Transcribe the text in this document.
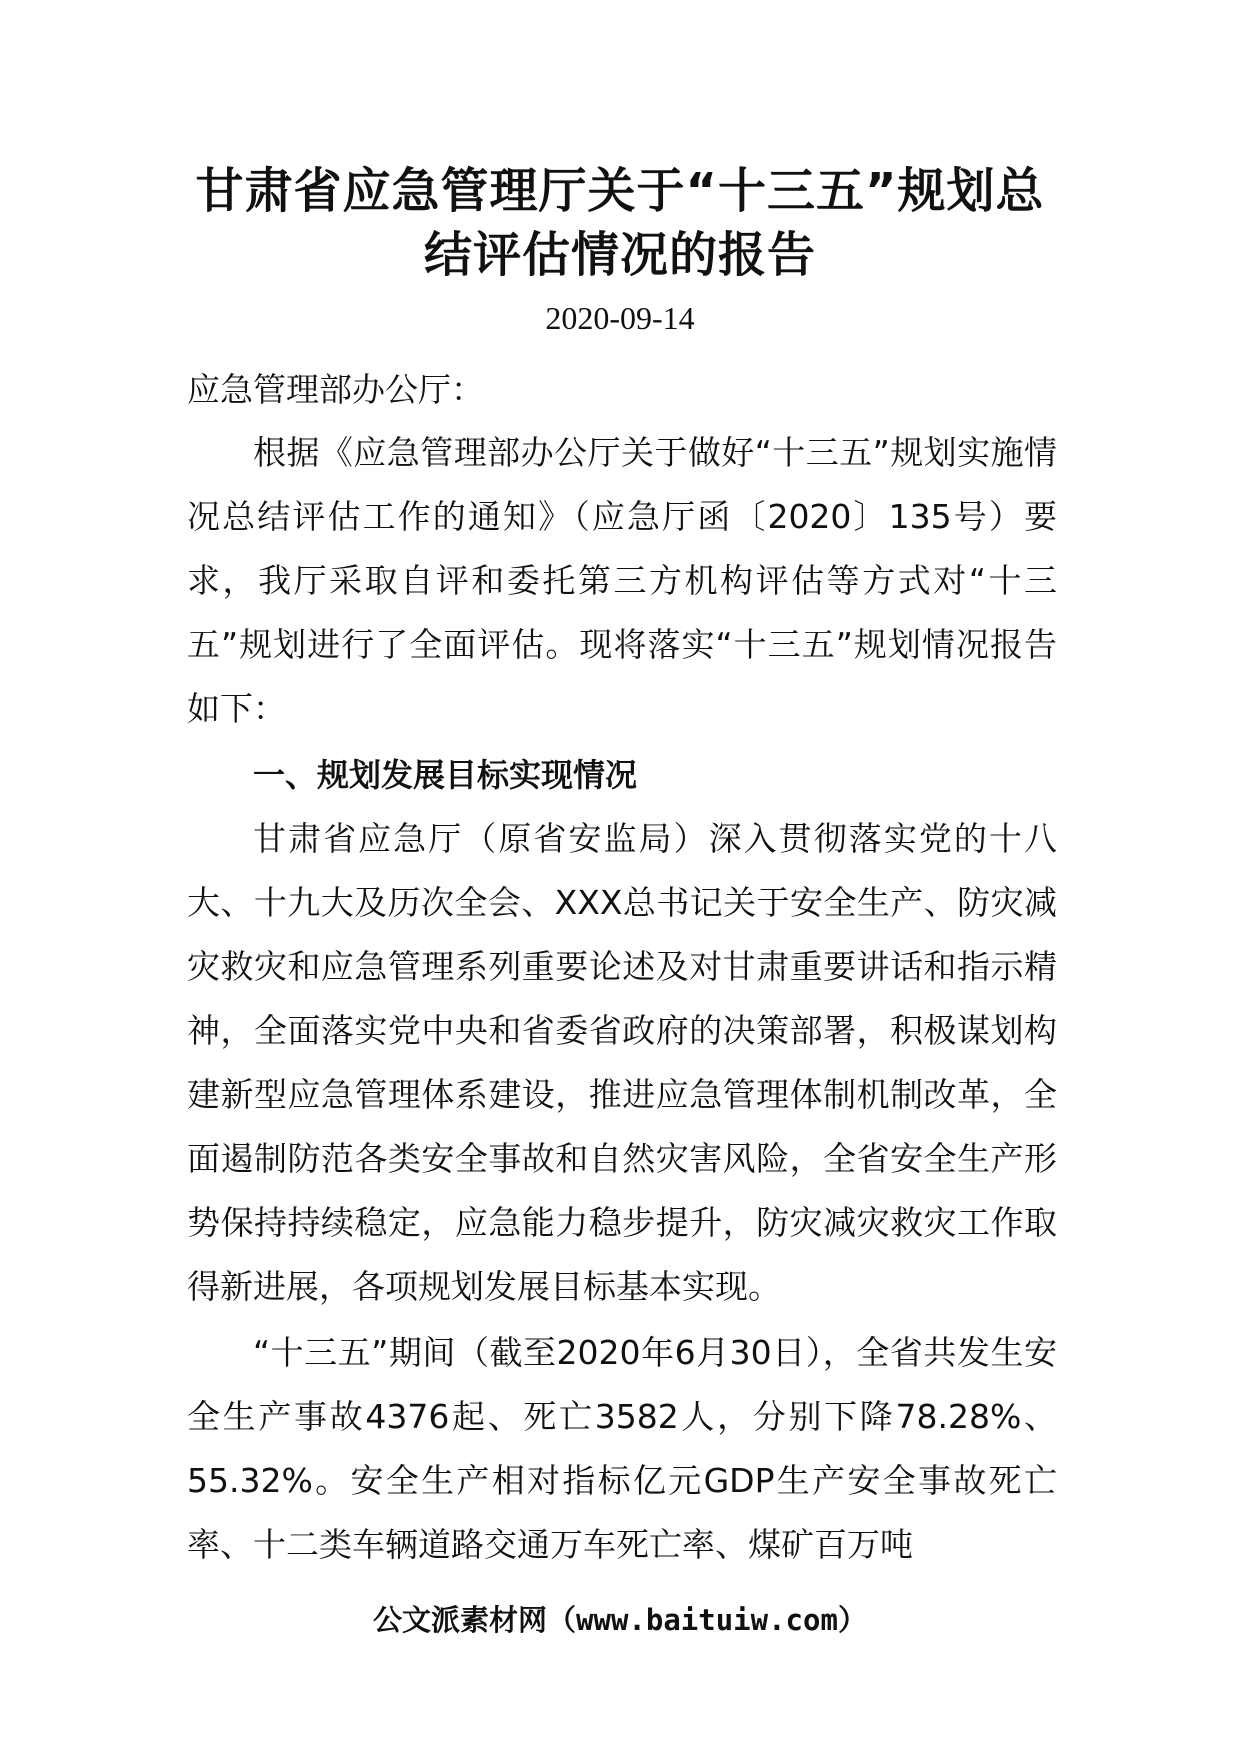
甘肃省应急管理厅关于“十三五”规划总
结评估情况的报告
2020-09-14
应急管理部办公厅：

根据《应急管理部办公厅关于做好“十三五”规划实施情况总结评估工作的通知》（应急厅函〔2020〕135号）要求，我厅采取自评和委托第三方机构评估等方式对“十三五”规划进行了全面评估。现将落实“十三五”规划情况报告如下：

一、规划发展目标实现情况

甘肃省应急厅（原省安监局）深入贯彻落实党的十八大、十九大及历次全会、XXX总书记关于安全生产、防灾减灾救灾和应急管理系列重要论述及对甘肃重要讲话和指示精神，全面落实党中央和省委省政府的决策部署，积极谋划构建新型应急管理体系建设，推进应急管理体制机制改革，全面遏制防范各类安全事故和自然灾害风险，全省安全生产形势保持持续稳定，应急能力稳步提升，防灾减灾救灾工作取得新进展，各项规划发展目标基本实现。

“十三五”期间（截至2020年6月30日），全省共发生安全生产事故4376起、死亡3582人，分别下降78.28%、55.32%。安全生产相对指标亿元GDP生产安全事故死亡率、十二类车辆道路交通万车死亡率、煤矿百万吨

公文派素材网（www.baituiw.com）
